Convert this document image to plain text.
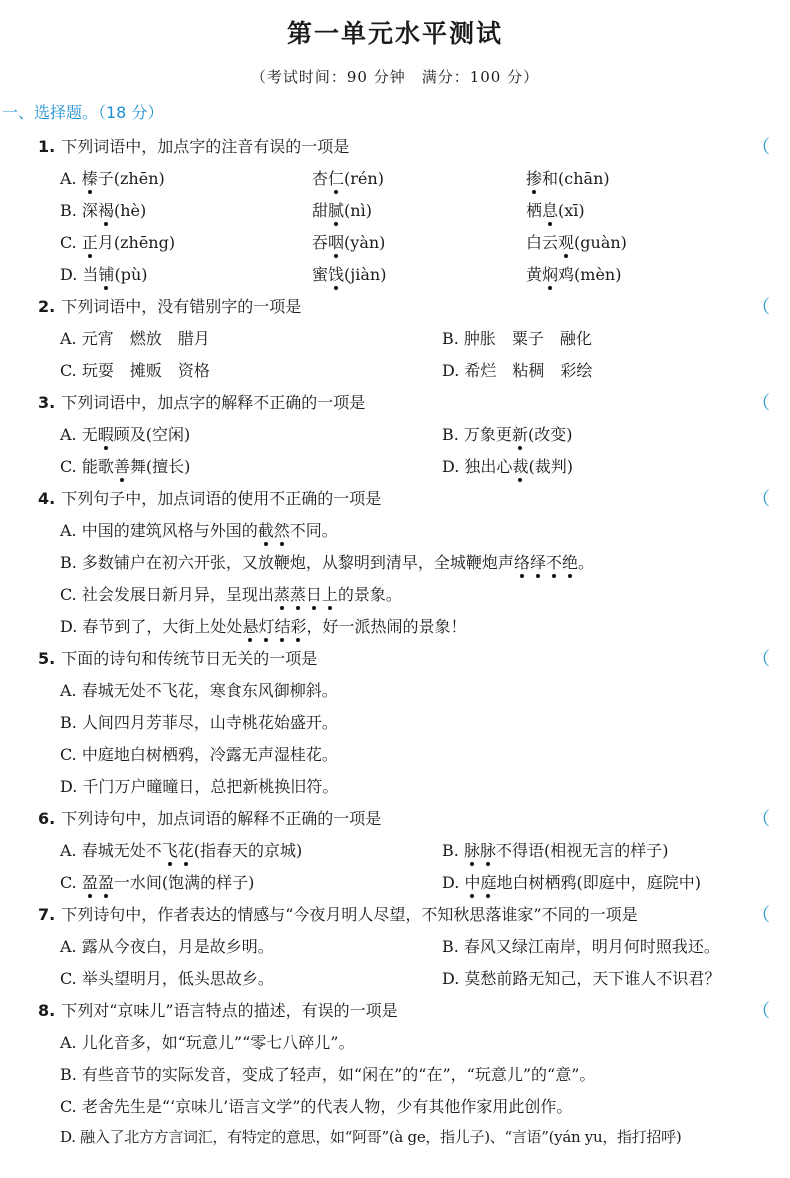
第一单元水平测试
（考试时间：90 分钟　满分：100 分）
一、选择题。（18 分）
1. 下列词语中，加点字的注音有误的一项是	（
A. 榛子(zhēn)	杏仁(rén)	掺和(chān)
B. 深褐(hè)	甜腻(nì)	栖息(xī)
C. 正月(zhēng)	吞咽(yàn)	白云观(guàn)
D. 当铺(pù)	蜜饯(jiàn)	黄焖鸡(mèn)
2. 下列词语中，没有错别字的一项是	（
A. 元宵　燃放　腊月	B. 肿胀　粟子　融化
C. 玩耍　摊贩　资格	D. 希烂　粘稠　彩绘
3. 下列词语中，加点字的解释不正确的一项是	（
A. 无暇顾及(空闲)	B. 万象更新(改变)
C. 能歌善舞(擅长)	D. 独出心裁(裁判)
4. 下列句子中，加点词语的使用不正确的一项是	（
A. 中国的建筑风格与外国的截然不同。
B. 多数铺户在初六开张，又放鞭炮，从黎明到清早，全城鞭炮声络绎不绝。
C. 社会发展日新月异，呈现出蒸蒸日上的景象。
D. 春节到了，大街上处处悬灯结彩，好一派热闹的景象！
5. 下面的诗句和传统节日无关的一项是	（
A. 春城无处不飞花，寒食东风御柳斜。
B. 人间四月芳菲尽，山寺桃花始盛开。
C. 中庭地白树栖鸦，冷露无声湿桂花。
D. 千门万户曈曈日，总把新桃换旧符。
6. 下列诗句中，加点词语的解释不正确的一项是	（
A. 春城无处不飞花(指春天的京城)	B. 脉脉不得语(相视无言的样子)
C. 盈盈一水间(饱满的样子)	D. 中庭地白树栖鸦(即庭中，庭院中)
7. 下列诗句中，作者表达的情感与“今夜月明人尽望，不知秋思落谁家”不同的一项是	（
A. 露从今夜白，月是故乡明。	B. 春风又绿江南岸，明月何时照我还。
C. 举头望明月，低头思故乡。	D. 莫愁前路无知己，天下谁人不识君？
8. 下列对“京味儿”语言特点的描述，有误的一项是	（
A. 儿化音多，如“玩意儿”“零七八碎儿”。
B. 有些音节的实际发音，变成了轻声，如“闲在”的“在”，“玩意儿”的“意”。
C. 老舍先生是“‘京味儿’语言文学”的代表人物，少有其他作家用此创作。
D. 融入了北方方言词汇，有特定的意思，如“阿哥”(à ge，指儿子)、“言语”(yán yu，指打招呼)
